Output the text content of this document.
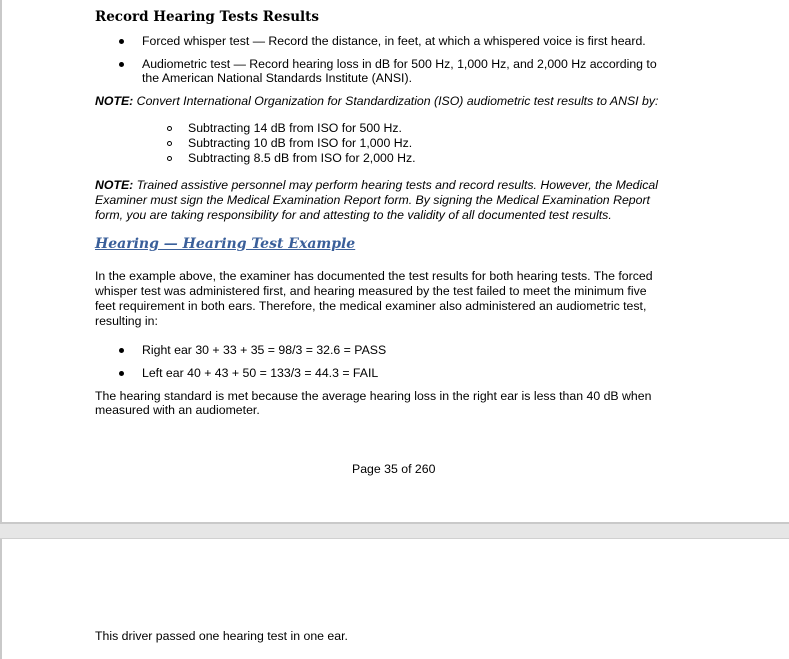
Record Hearing Tests Results
Forced whisper test — Record the distance, in feet, at which a whispered voice is first heard.
Audiometric test — Record hearing loss in dB for 500 Hz, 1,000 Hz, and 2,000 Hz according to
the American National Standards Institute (ANSI).
NOTE: Convert International Organization for Standardization (ISO) audiometric test results to ANSI by:
Subtracting 14 dB from ISO for 500 Hz.
Subtracting 10 dB from ISO for 1,000 Hz.
Subtracting 8.5 dB from ISO for 2,000 Hz.
NOTE: Trained assistive personnel may perform hearing tests and record results. However, the Medical
Examiner must sign the Medical Examination Report form. By signing the Medical Examination Report
form, you are taking responsibility for and attesting to the validity of all documented test results.
Hearing — Hearing Test Example
In the example above, the examiner has documented the test results for both hearing tests. The forced
whisper test was administered first, and hearing measured by the test failed to meet the minimum five
feet requirement in both ears. Therefore, the medical examiner also administered an audiometric test,
resulting in:
Right ear 30 + 33 + 35 = 98/3 = 32.6 = PASS
Left ear 40 + 43 + 50 = 133/3 = 44.3 = FAIL
The hearing standard is met because the average hearing loss in the right ear is less than 40 dB when
measured with an audiometer.
Page 35 of 260
This driver passed one hearing test in one ear.
